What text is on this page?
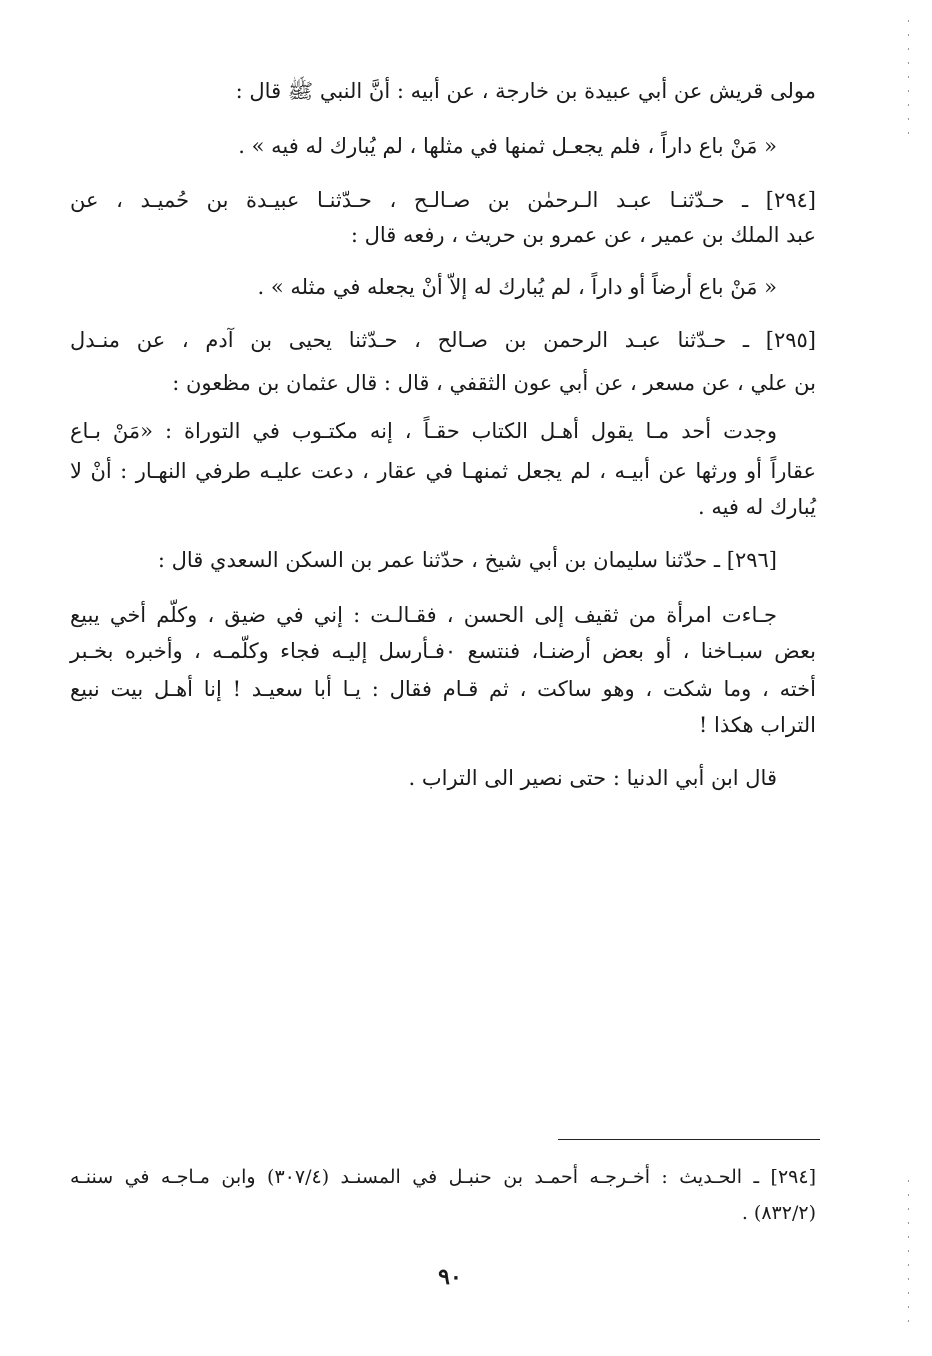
مولى قريش عن أبي عبيدة بن خارجة ، عن أبيه : أنَّ النبي ﷺ قال :

« مَنْ باع داراً ، فلم يجعـل ثمنها في مثلها ، لم يُبارك له فيه » .

[٢٩٤] ـ حـدّثنـا عبـد الـرحمٰن بن صـالـح ، حـدّثنـا عبيـدة بن حُميـد ، عن

عبد الملك بن عمير ، عن عمرو بن حريث ، رفعه قال :

« مَنْ باع أرضاً أو داراً ، لم يُبارك له إلاّ أنْ يجعله في مثله » .

[٢٩٥] ـ حـدّثنا عبـد الرحمن بن صـالح ، حـدّثنا يحيى بن آدم ، عن منـدل

بن علي ، عن مسعر ، عن أبي عون الثقفي ، قال : قال عثمان بن مظعون :

وجدت أحد مـا يقول أهـل الكتاب حقـاً ، إنه مكتـوب في التوراة : «مَنْ بـاع

عقاراً أو ورثها عن أبيـه ، لم يجعل ثمنهـا في عقار ، دعت عليـه طرفي النهـار : أنْ لا

يُبارك له فيه .

[٢٩٦] ـ حدّثنا سليمان بن أبي شيخ ، حدّثنا عمر بن السكن السعدي قال :

جـاءت امرأة من ثقيف إلى الحسن ، فقـالـت : إني في ضيق ، وكلّم أخي يبيع

بعض سبـاخنا ، أو بعض أرضنـا، فنتسع ٠فـأرسل إليـه فجاء وكلّمـه ، وأخبره بخـبر

أخته ، وما شكت ، وهو ساكت ، ثم قـام فقال : يـا أبا سعيـد ! إنا أهـل بيت نبيع

التراب هكذا !

قال ابن أبي الدنيا : حتى نصير الى التراب .

[٢٩٤] ـ الحـديث : أخـرجـه أحمـد بن حنبـل في المسنـد (٣٠٧/٤) وابن مـاجـه في سننـه

(٨٣٢/٢) .

٩٠
